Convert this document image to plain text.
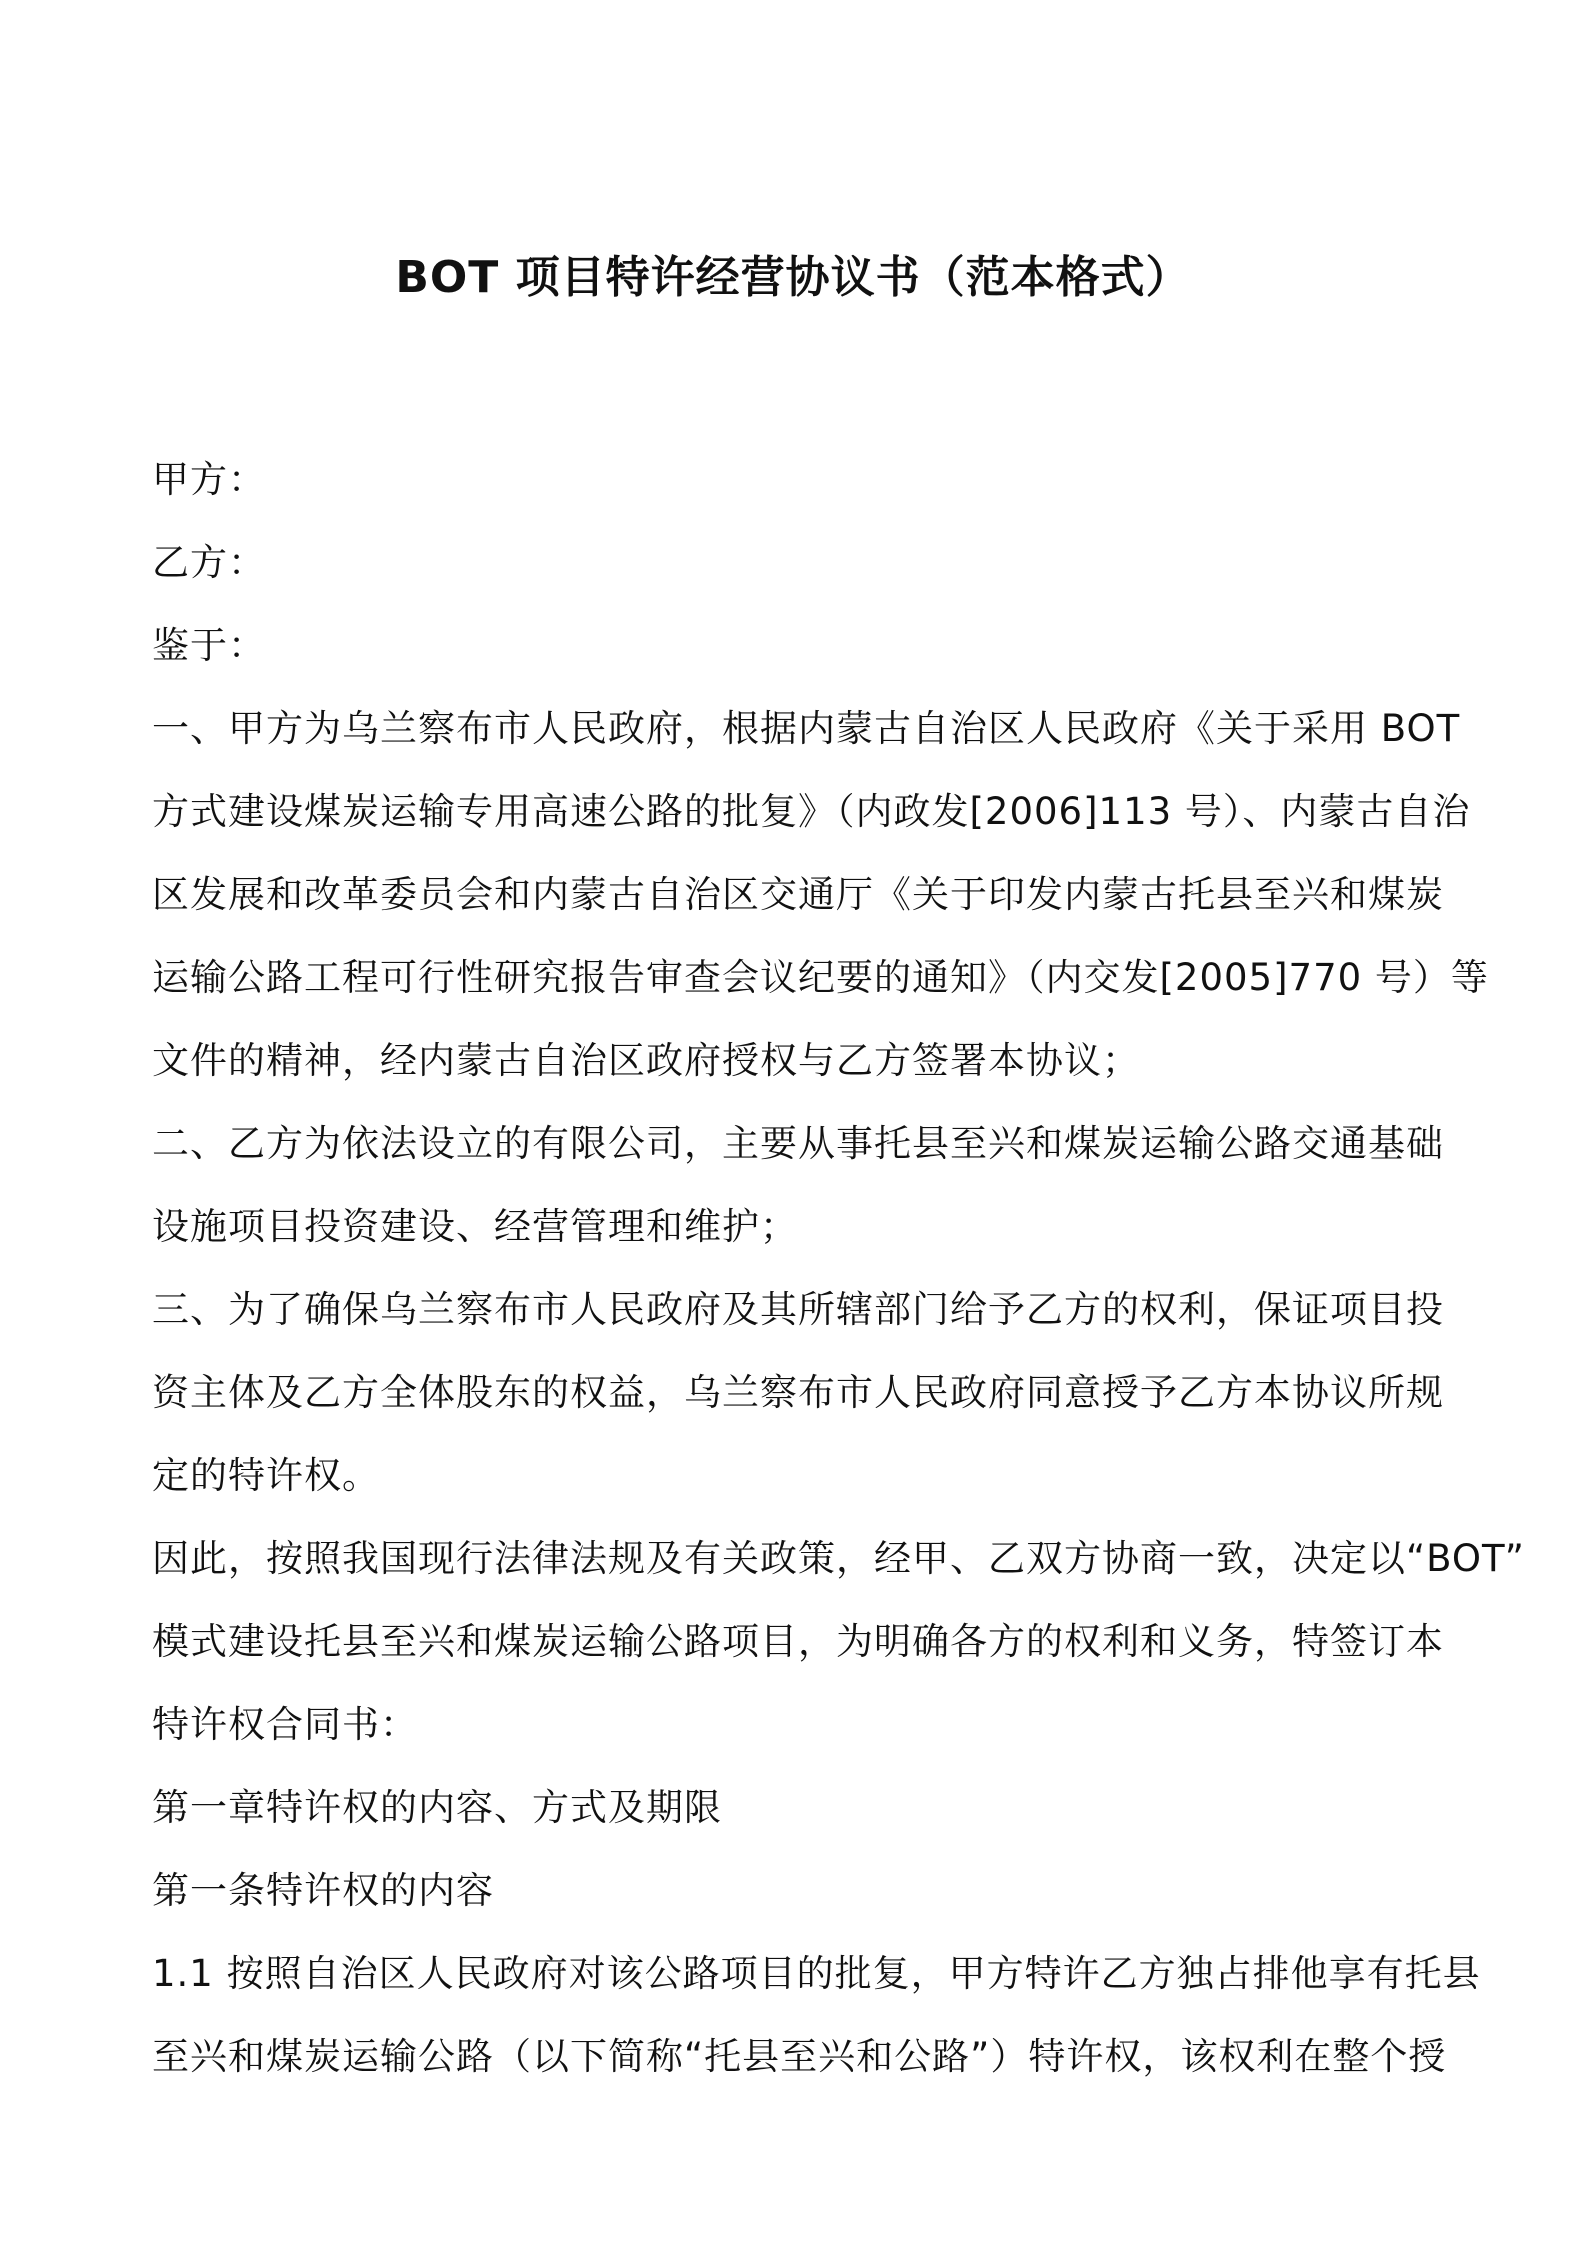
BOT 项目特许经营协议书（范本格式）
甲方：
乙方：
鉴于：
一、甲方为乌兰察布市人民政府，根据内蒙古自治区人民政府《关于采用 BOT
方式建设煤炭运输专用高速公路的批复》（内政发[2006]113 号）、内蒙古自治
区发展和改革委员会和内蒙古自治区交通厅《关于印发内蒙古托县至兴和煤炭
运输公路工程可行性研究报告审查会议纪要的通知》（内交发[2005]770 号）等
文件的精神，经内蒙古自治区政府授权与乙方签署本协议；
二、乙方为依法设立的有限公司，主要从事托县至兴和煤炭运输公路交通基础
设施项目投资建设、经营管理和维护；
三、为了确保乌兰察布市人民政府及其所辖部门给予乙方的权利，保证项目投
资主体及乙方全体股东的权益，乌兰察布市人民政府同意授予乙方本协议所规
定的特许权。
因此，按照我国现行法律法规及有关政策，经甲、乙双方协商一致，决定以“BOT”
模式建设托县至兴和煤炭运输公路项目，为明确各方的权利和义务，特签订本
特许权合同书：
第一章特许权的内容、方式及期限
第一条特许权的内容
1.1 按照自治区人民政府对该公路项目的批复，甲方特许乙方独占排他享有托县
至兴和煤炭运输公路（以下简称“托县至兴和公路”）特许权，该权利在整个授
